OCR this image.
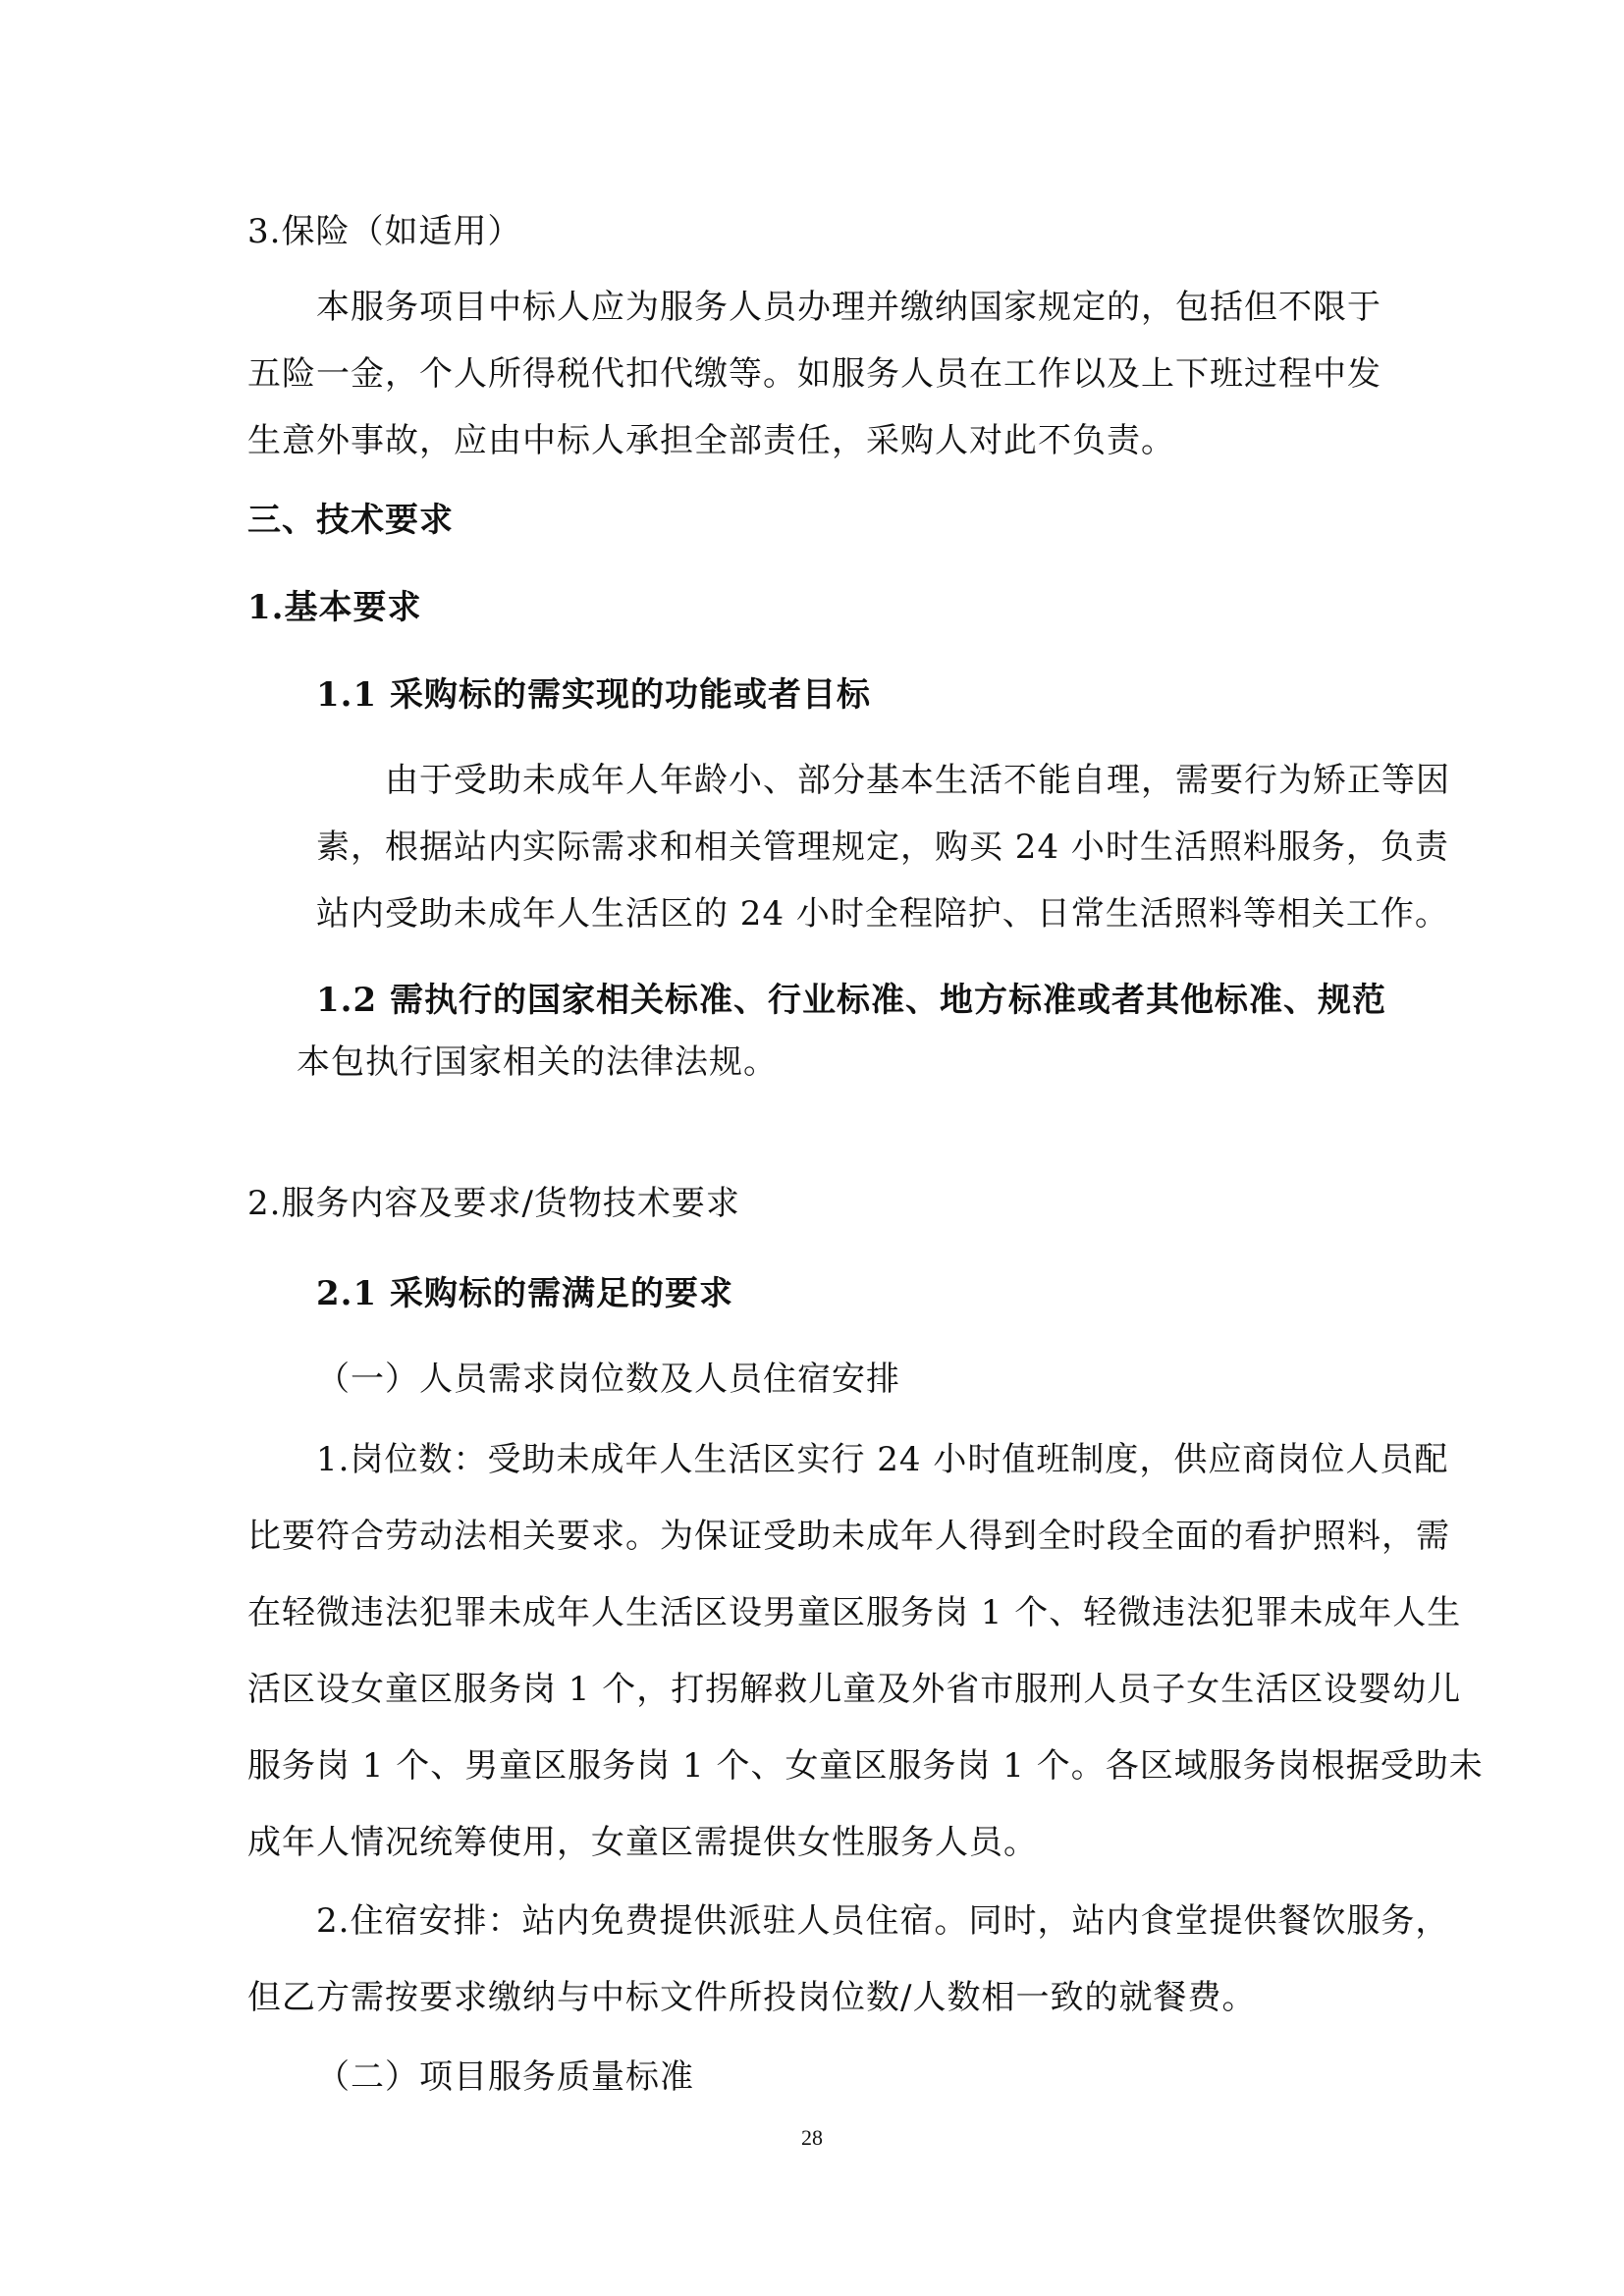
3.保险（如适用）
本服务项目中标人应为服务人员办理并缴纳国家规定的，包括但不限于
五险一金，个人所得税代扣代缴等。如服务人员在工作以及上下班过程中发
生意外事故，应由中标人承担全部责任，采购人对此不负责。
三、技术要求
1.基本要求
1.1 采购标的需实现的功能或者目标
由于受助未成年人年龄小、部分基本生活不能自理，需要行为矫正等因
素，根据站内实际需求和相关管理规定，购买 24 小时生活照料服务，负责
站内受助未成年人生活区的 24 小时全程陪护、日常生活照料等相关工作。
1.2 需执行的国家相关标准、行业标准、地方标准或者其他标准、规范
本包执行国家相关的法律法规。
2.服务内容及要求/货物技术要求
2.1 采购标的需满足的要求
（一）人员需求岗位数及人员住宿安排
1.岗位数：受助未成年人生活区实行 24 小时值班制度，供应商岗位人员配
比要符合劳动法相关要求。为保证受助未成年人得到全时段全面的看护照料，需
在轻微违法犯罪未成年人生活区设男童区服务岗 1 个、轻微违法犯罪未成年人生
活区设女童区服务岗 1 个，打拐解救儿童及外省市服刑人员子女生活区设婴幼儿
服务岗 1 个、男童区服务岗 1 个、女童区服务岗 1 个。各区域服务岗根据受助未
成年人情况统筹使用，女童区需提供女性服务人员。
2.住宿安排：站内免费提供派驻人员住宿。同时，站内食堂提供餐饮服务，
但乙方需按要求缴纳与中标文件所投岗位数/人数相一致的就餐费。
（二）项目服务质量标准
28
